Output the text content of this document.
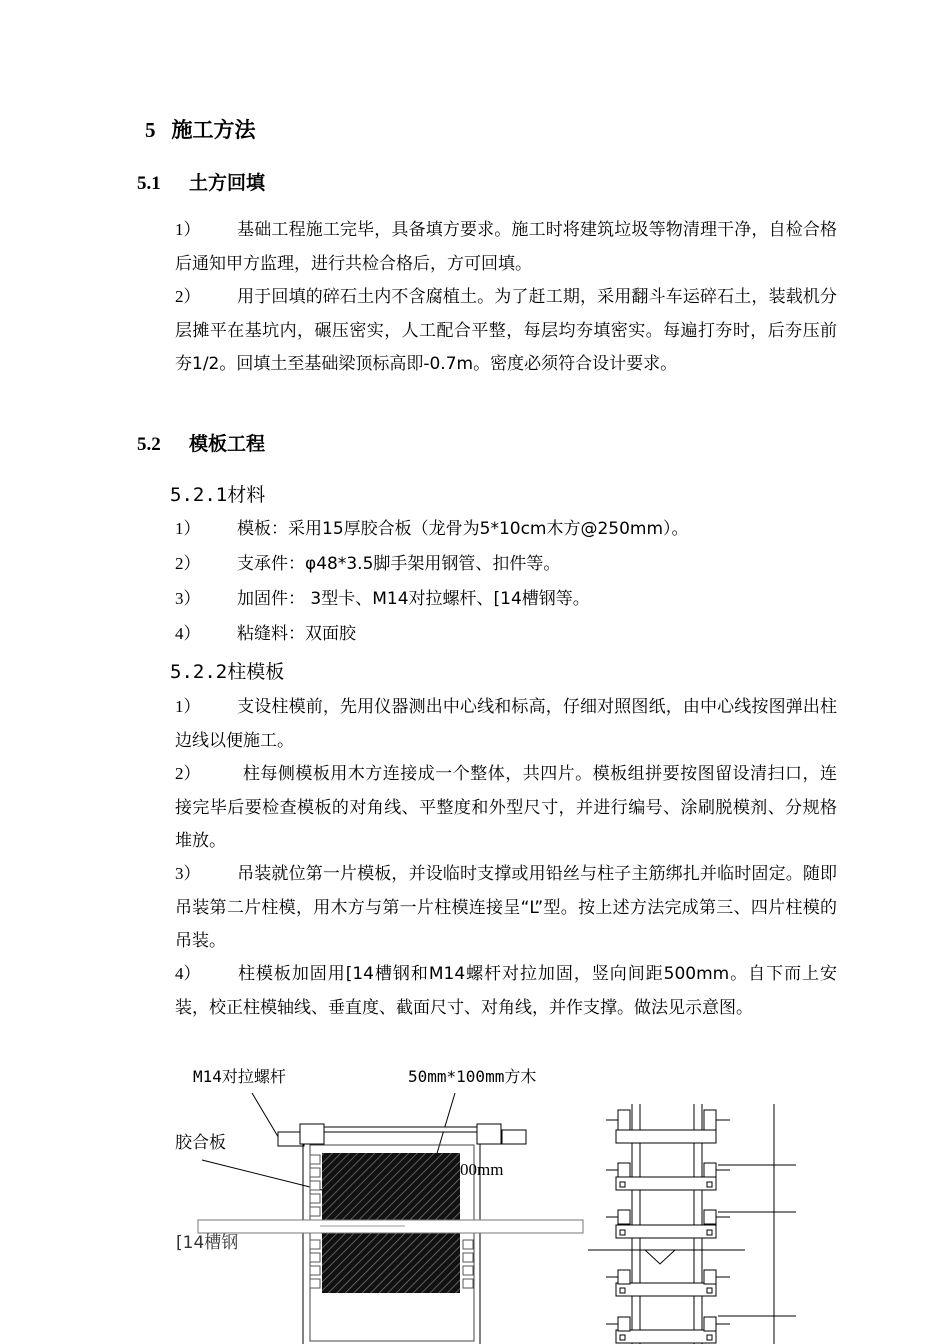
5 施工方法
5.1 土方回填
1） 基础工程施工完毕，具备填方要求。施工时将建筑垃圾等物清理干净，自检合格后通知甲方监理，进行共检合格后，方可回填。
2） 用于回填的碎石土内不含腐植土。为了赶工期，采用翻斗车运碎石土，装载机分层摊平在基坑内，碾压密实，人工配合平整，每层均夯填密实。每遍打夯时，后夯压前夯1/2。回填土至基础梁顶标高即-0.7m。密度必须符合设计要求。
5.2 模板工程
5.2.1材料
1） 模板：采用15厚胶合板（龙骨为5*10cm木方@250mm）。
2） 支承件：φ48*3.5脚手架用钢管、扣件等。
3） 加固件： 3型卡、M14对拉螺杆、[14槽钢等。
4） 粘缝料：双面胶
5.2.2柱模板
1） 支设柱模前，先用仪器测出中心线和标高，仔细对照图纸，由中心线按图弹出柱边线以便施工。
2） 柱每侧模板用木方连接成一个整体，共四片。模板组拼要按图留设清扫口，连接完毕后要检查模板的对角线、平整度和外型尺寸，并进行编号、涂刷脱模剂、分规格堆放。
3） 吊装就位第一片模板，并设临时支撑或用铅丝与柱子主筋绑扎并临时固定。随即吊装第二片柱模，用木方与第一片柱模连接呈“L”型。按上述方法完成第三、四片柱模的吊装。
4） 柱模板加固用[14槽钢和M14螺杆对拉加固，竖向间距500mm。自下而上安装，校正柱模轴线、垂直度、截面尺寸、对角线，并作支撑。做法见示意图。
M14对拉螺杆	50mm*100mm方木
胶合板
00mm
[14槽钢
